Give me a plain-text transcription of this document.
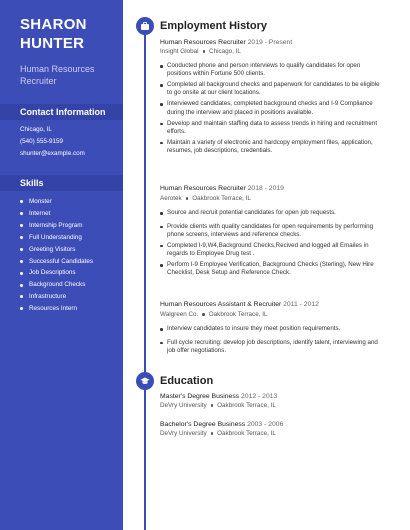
SHARON
HUNTER
Human Resources Recruiter
Contact Information
Chicago, IL
(540) 555-9159
shunter@example.com
Skills
Monster
Internet
Internship Program
Full Understanding
Greeting Visitors
Successful Candidates
Job Descriptions
Background Checks
Infrastructure
Resources Intern
Employment History
Human Resources Recruiter 2019 - Present
Insight Global Chicago, IL
Conducted phone and person interviews to qualify candidates for open positions within Fortune 500 clients.
Completed all background checks and paperwork for candidates to be eligible to go onsite at our client locations.
Interviewed candidates, completed background checks and I-9 Compliance during the interview and placed in positions available.
Develop and maintain staffing data to assess trends in hiring and recruitment efforts.
Maintain a variety of electronic and hardcopy employment files, application, resumes, job descriptions, credentials.
Human Resources Recruiter 2018 - 2019
Aerotek Oakbrook Terrace, IL
Source and recruit potential candidates for open job requests.
Provide clients with quality candidates for open requirements by performing phone screens, interviews and reference checks.
Completed I-9,W4,Background Checks,Recived and logged all Emailes in regards to Employee Drug test .
Perform I-9 Employee Verification, Background Checks (Sterling), New Hire Checklist, Desk Setup and Reference Check.
Human Resources Assistant & Recruiter 2011 - 2012
Walgreen Co. Oakbrook Terrace, IL
Interview candidates to insure they meet position requirements.
Full cycle recruiting: develop job descriptions, identify talent, interviewing and job offer negotiations.
Education
Master's Degree Business 2012 - 2013
DeVry University Oakbrook Terrace, IL
Bachelor's Degree Business 2003 - 2006
DeVry University Oakbrook Terrace, IL
